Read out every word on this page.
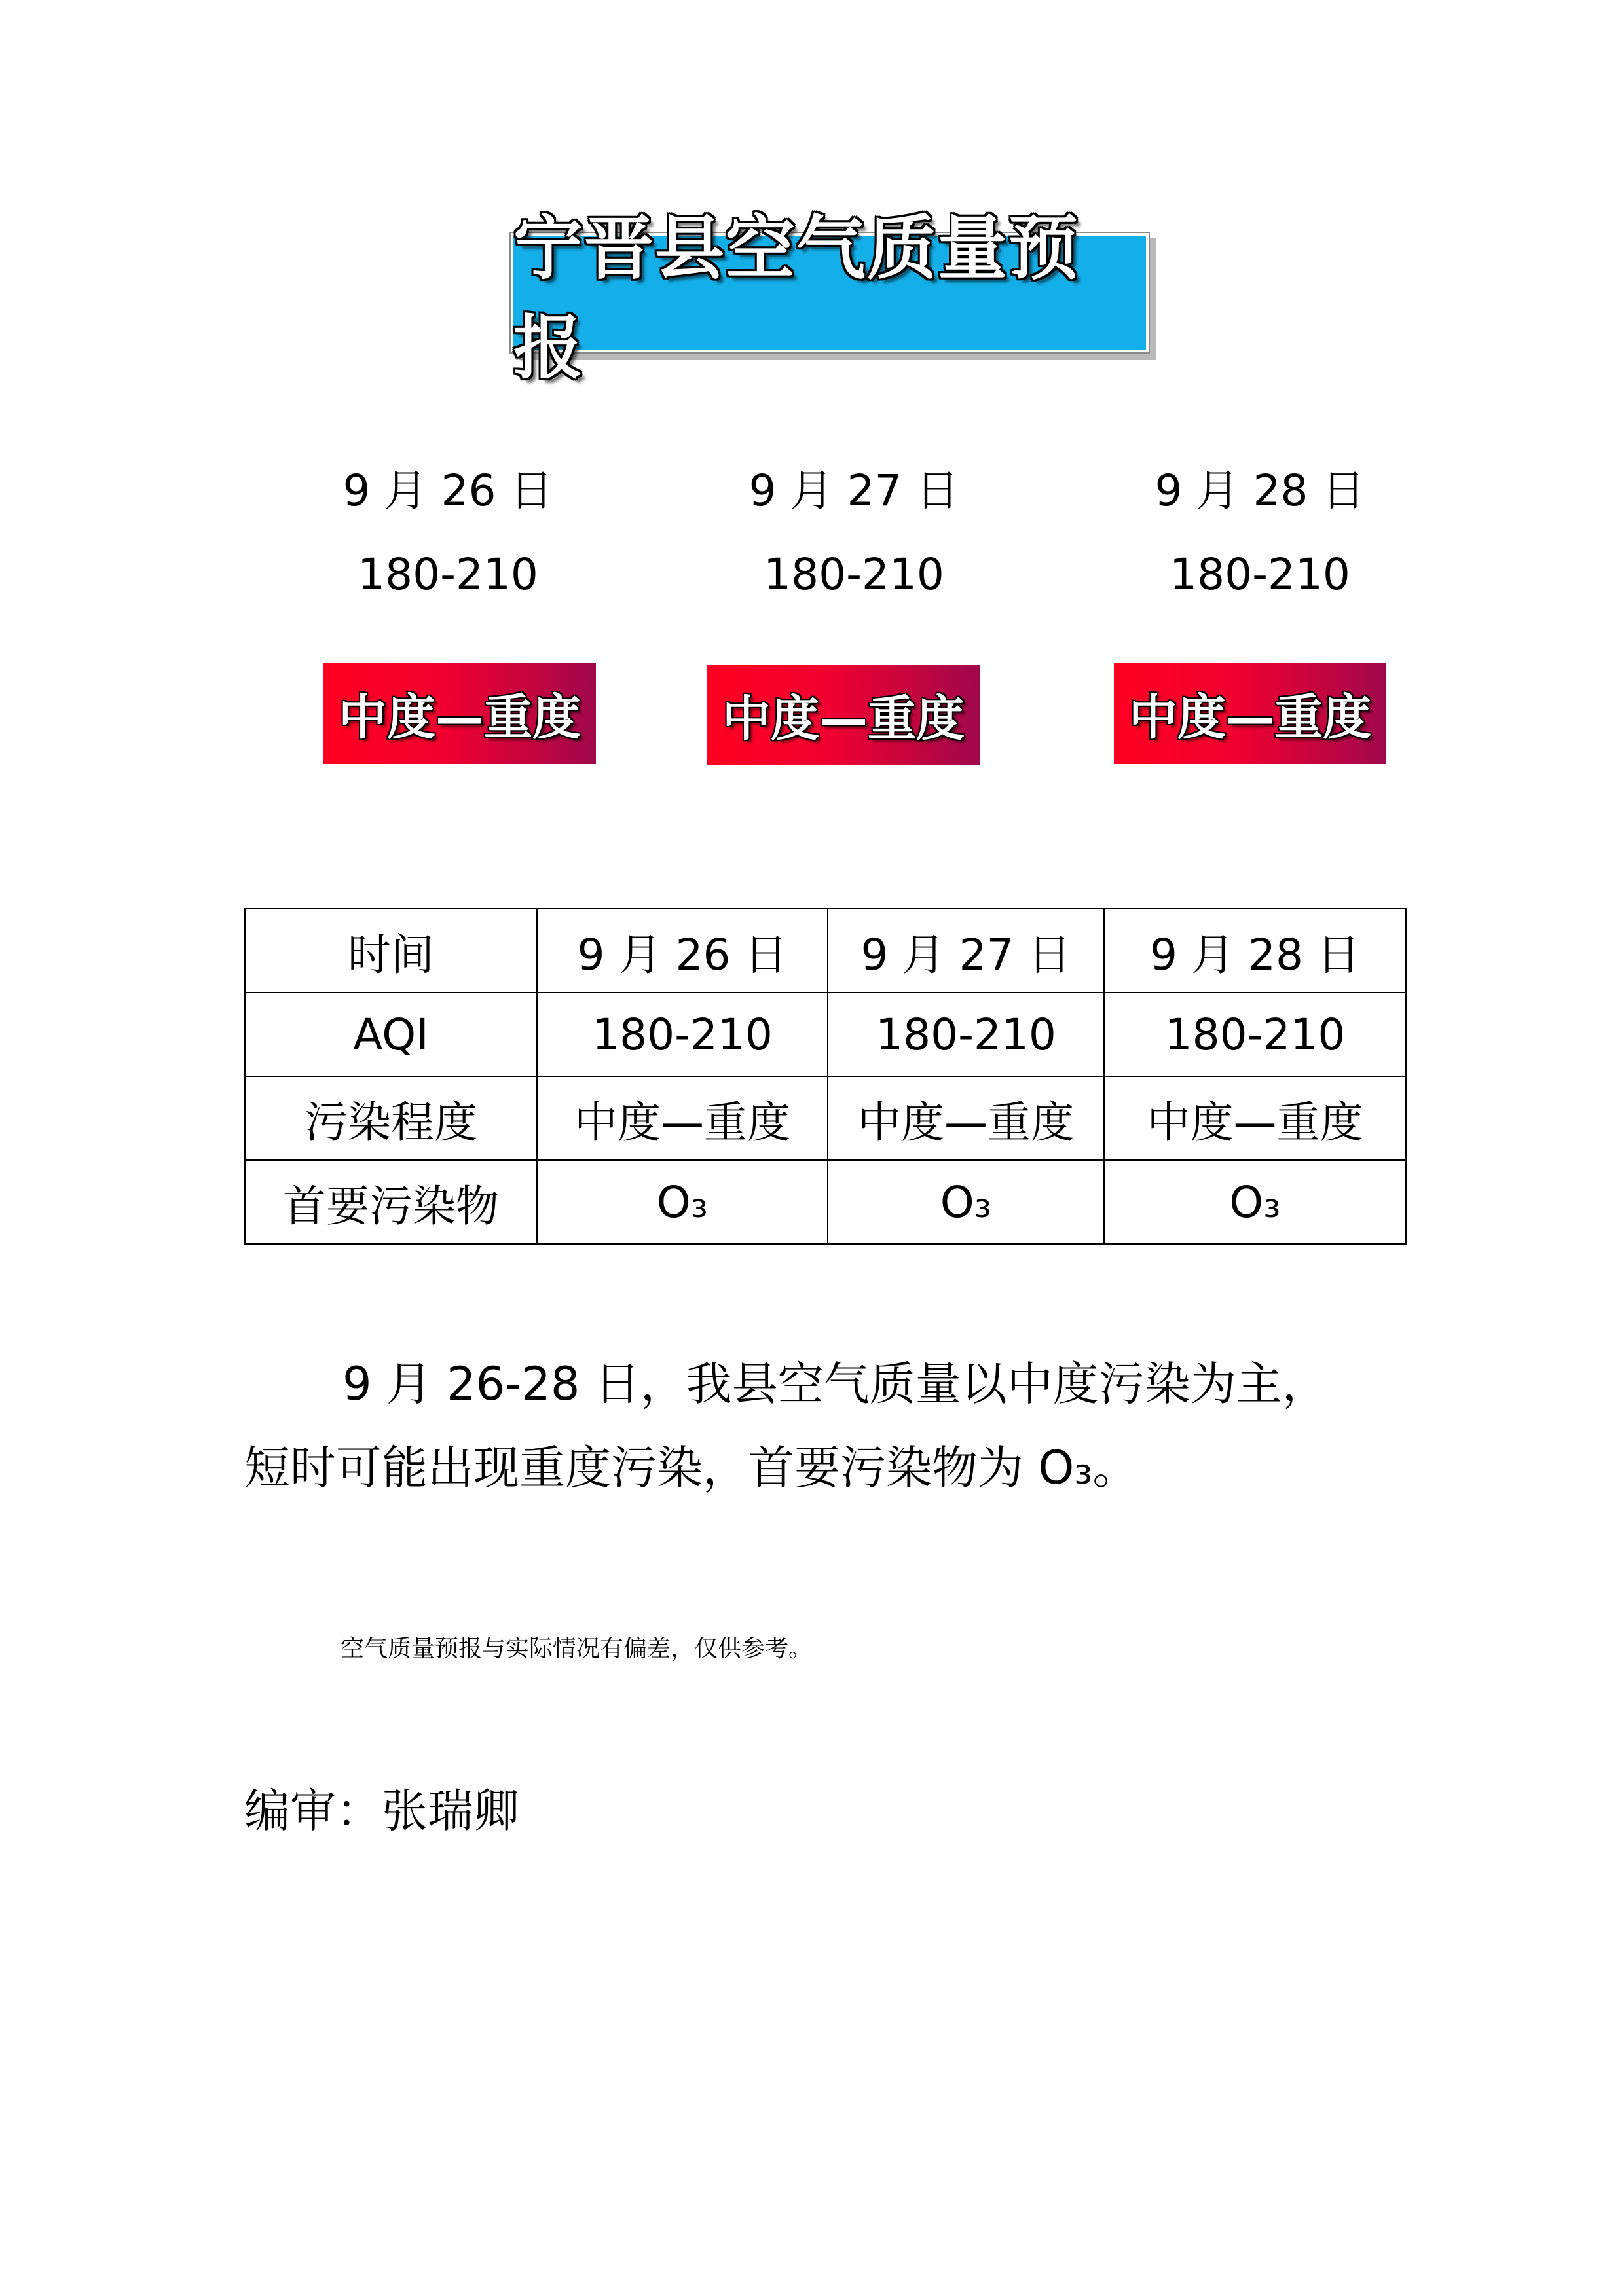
宁晋县空气质量预报
9 月 26 日
180-210
9 月 27 日
180-210
9 月 28 日
180-210
中度—重度	中度—重度	中度—重度
时间	9 月 26 日	9 月 27 日	9 月 28 日
AQI	180-210	180-210	180-210
污染程度	中度—重度	中度—重度	中度—重度
首要污染物	O₃	O₃	O₃

9 月 26-28 日，我县空气质量以中度污染为主，

短时可能出现重度污染，首要污染物为 O₃。

空气质量预报与实际情况有偏差，仅供参考。
编审：张瑞卿
